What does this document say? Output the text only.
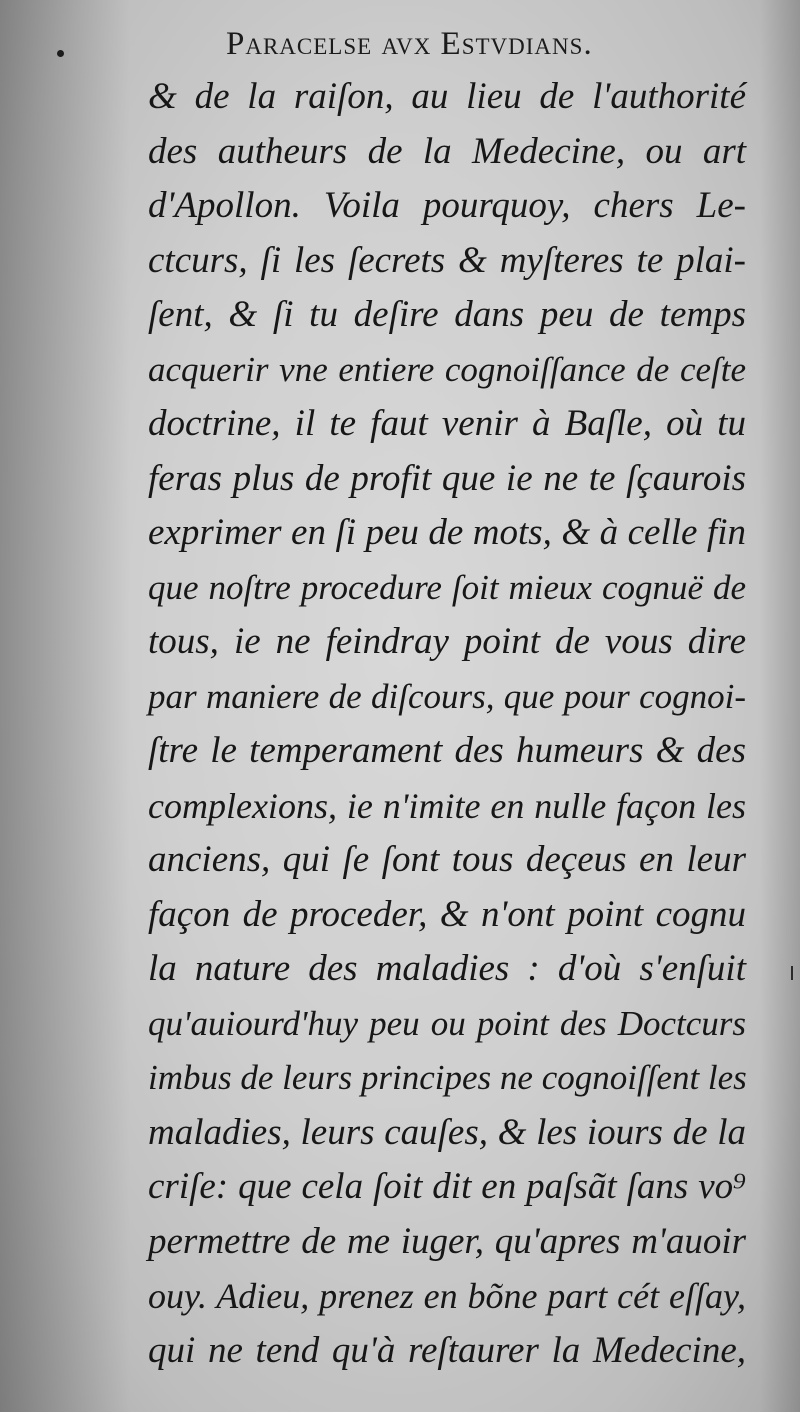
Paracelse avx Estvdians.
& de la raiſon, au lieu de l'authorité
des autheurs de la Medecine, ou art
d'Apollon. Voila pourquoy, chers Le-
ctcurs, ſi les ſecrets & myſteres te plai-
ſent, & ſi tu deſire dans peu de temps
acquerir vne entiere cognoiſſance de ceſte
doctrine, il te faut venir à Baſle, où tu
feras plus de profit que ie ne te ſçaurois
exprimer en ſi peu de mots, & à celle fin
que noſtre procedure ſoit mieux cognuë de
tous, ie ne feindray point de vous dire
par maniere de diſcours, que pour cognoi-
ſtre le temperament des humeurs & des
complexions, ie n'imite en nulle façon les
anciens, qui ſe ſont tous deçeus en leur
façon de proceder, & n'ont point cognu
la nature des maladies : d'où s'enſuit
qu'auiourd'huy peu ou point des Doctcurs
imbus de leurs principes ne cognoiſſent les
maladies, leurs cauſes, & les iours de la
criſe: que cela ſoit dit en paſsãt ſans vo⁹
permettre de me iuger, qu'apres m'auoir
ouy. Adieu, prenez en bõne part cét eſſay,
qui ne tend qu'à reſtaurer la Medecine,
